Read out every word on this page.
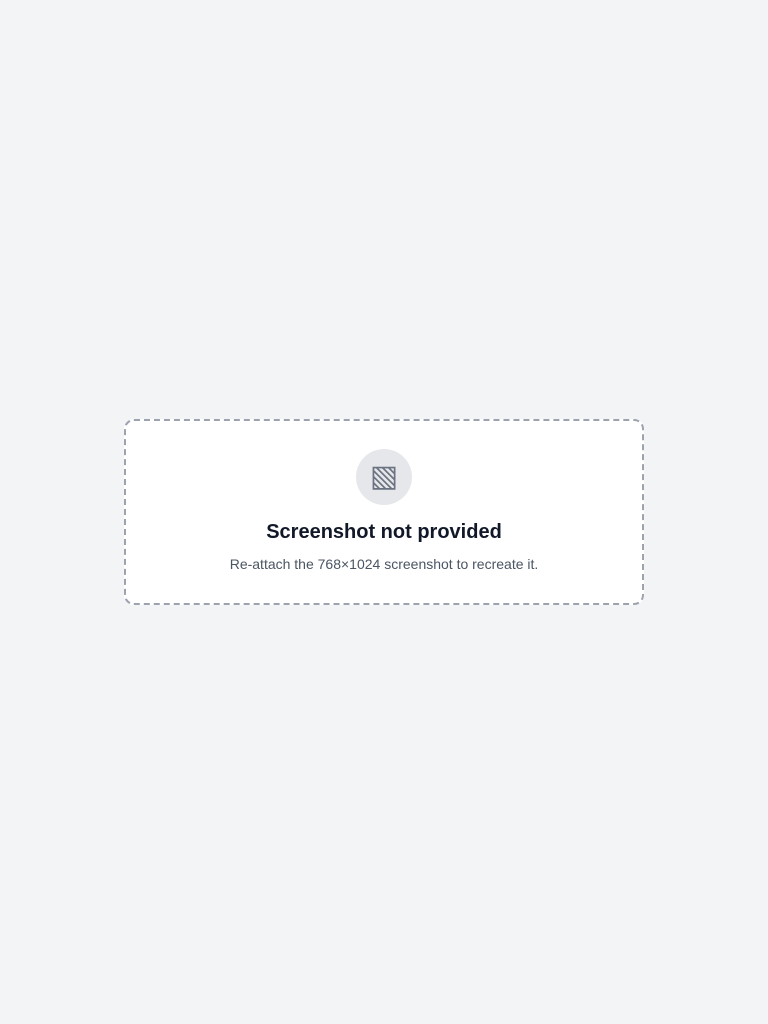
▧
Screenshot not provided

Re-attach the 768×1024 screenshot to recreate it.
